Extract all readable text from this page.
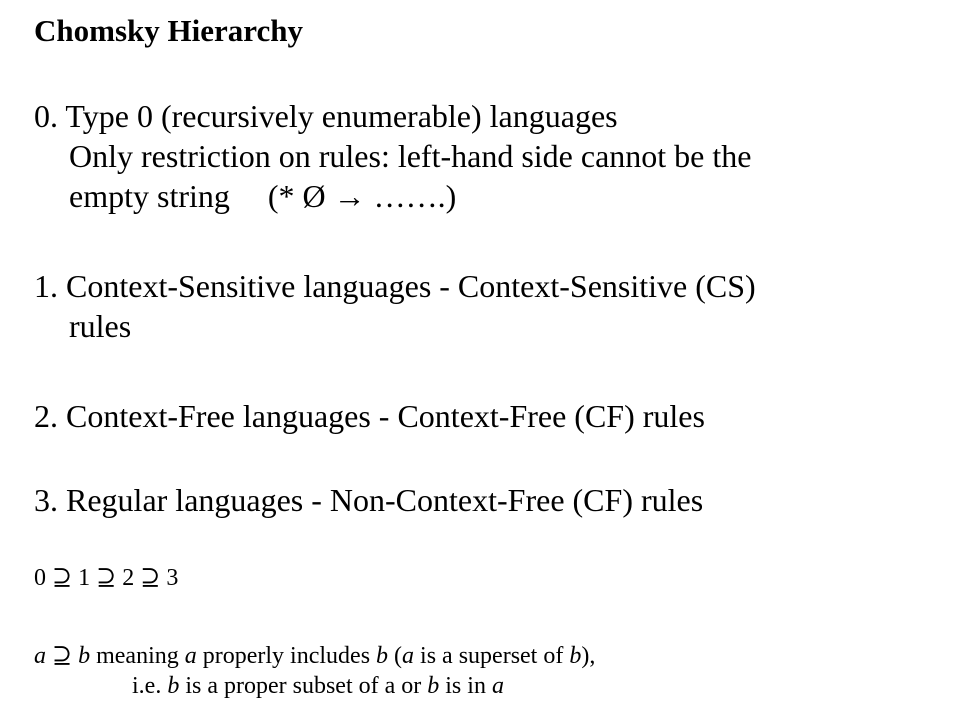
Chomsky Hierarchy
0. Type 0 (recursively enumerable) languages
Only restriction on rules: left-hand side cannot be the
empty string (* Ø → …….)
1. Context-Sensitive languages - Context-Sensitive (CS)
rules
2. Context-Free languages - Context-Free (CF) rules
3. Regular languages - Non-Context-Free (CF) rules
0 ⊇ 1 ⊇ 2 ⊇ 3
a ⊇ b meaning a properly includes b (a is a superset of b),
i.e. b is a proper subset of a or b is in a
